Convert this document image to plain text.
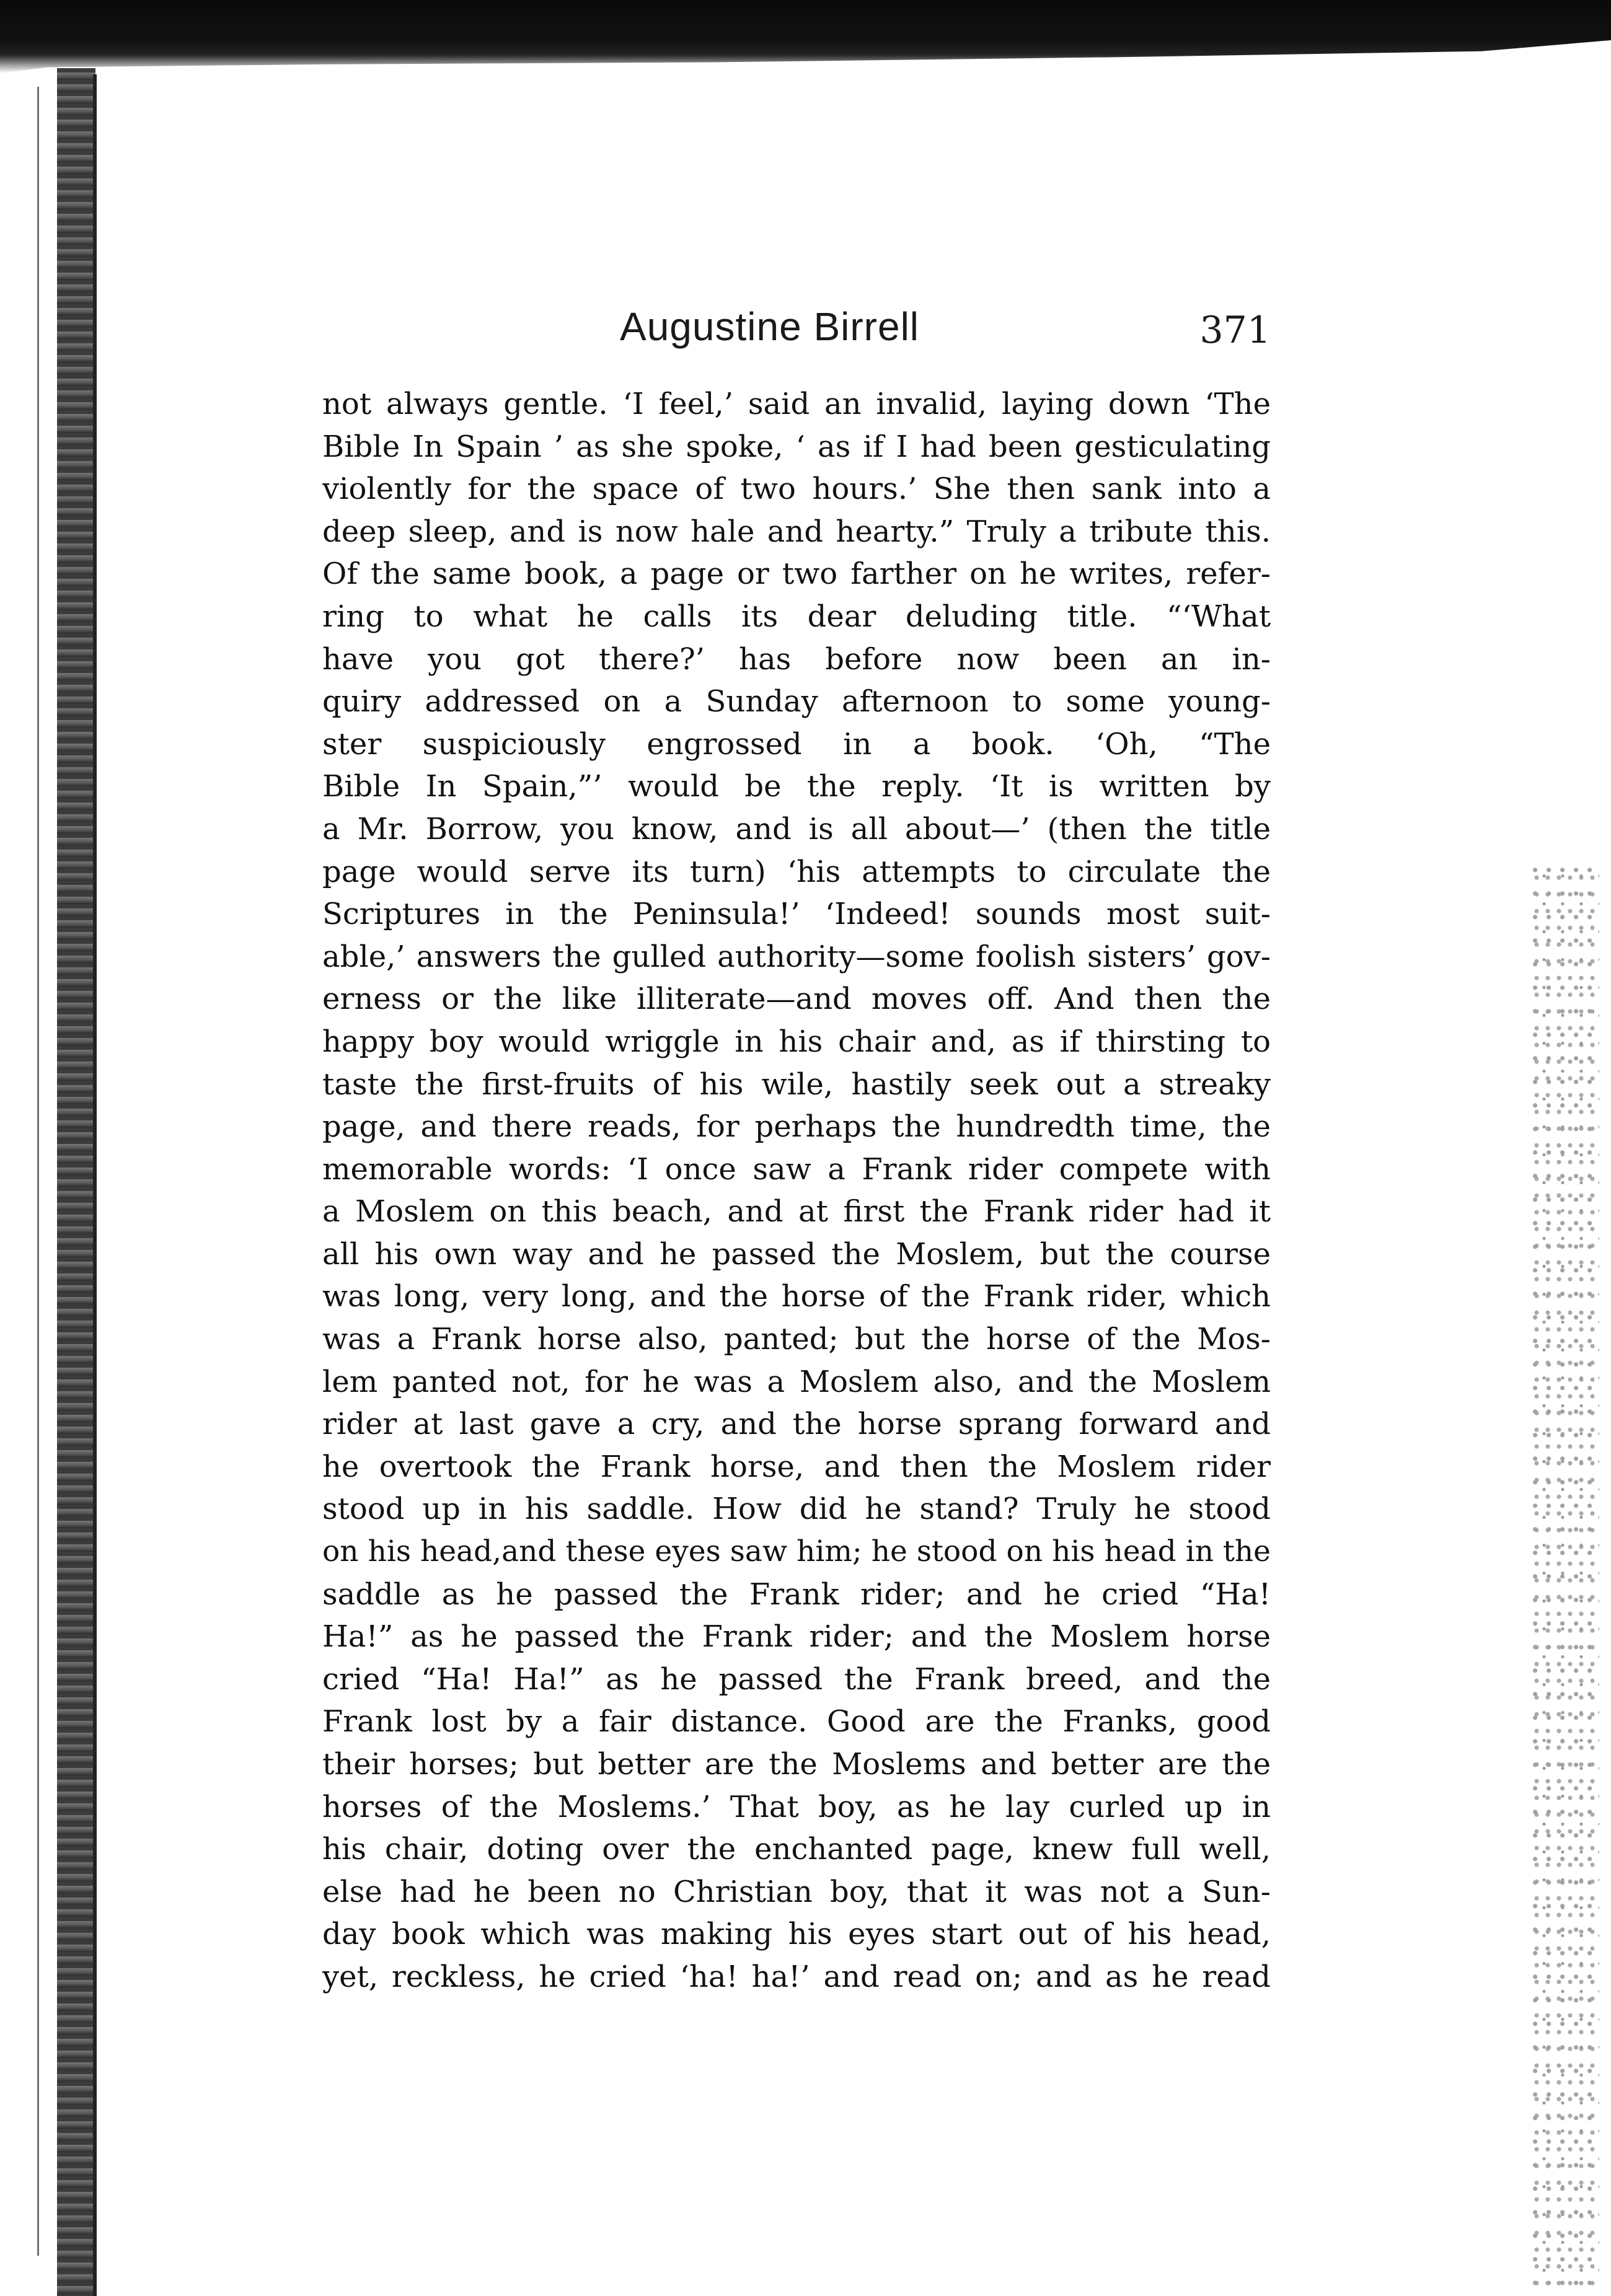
Augustine Birrell	371
not always gentle. ‘I feel,’ said an invalid, laying down ‘The
Bible In Spain ’ as she spoke, ‘ as if I had been gesticulating
violently for the space of two hours.’ She then sank into a
deep sleep, and is now hale and hearty.” Truly a tribute this.
Of the same book, a page or two farther on he writes, refer-
ring to what he calls its dear deluding title. “‘What
have you got there?’ has before now been an in-
quiry addressed on a Sunday afternoon to some young-
ster suspiciously engrossed in a book. ‘Oh, “The
Bible In Spain,”’ would be the reply. ‘It is written by
a Mr. Borrow, you know, and is all about—’ (then the title
page would serve its turn) ‘his attempts to circulate the
Scriptures in the Peninsula!’ ‘Indeed! sounds most suit-
able,’ answers the gulled authority—some foolish sisters’ gov-
erness or the like illiterate—and moves off. And then the
happy boy would wriggle in his chair and, as if thirsting to
taste the first-fruits of his wile, hastily seek out a streaky
page, and there reads, for perhaps the hundredth time, the
memorable words: ‘I once saw a Frank rider compete with
a Moslem on this beach, and at first the Frank rider had it
all his own way and he passed the Moslem, but the course
was long, very long, and the horse of the Frank rider, which
was a Frank horse also, panted; but the horse of the Mos-
lem panted not, for he was a Moslem also, and the Moslem
rider at last gave a cry, and the horse sprang forward and
he overtook the Frank horse, and then the Moslem rider
stood up in his saddle. How did he stand? Truly he stood
on his head,and these eyes saw him; he stood on his head in the
saddle as he passed the Frank rider; and he cried “Ha!
Ha!” as he passed the Frank rider; and the Moslem horse
cried “Ha! Ha!” as he passed the Frank breed, and the
Frank lost by a fair distance. Good are the Franks, good
their horses; but better are the Moslems and better are the
horses of the Moslems.’ That boy, as he lay curled up in
his chair, doting over the enchanted page, knew full well,
else had he been no Christian boy, that it was not a Sun-
day book which was making his eyes start out of his head,
yet, reckless, he cried ‘ha! ha!’ and read on; and as he read
